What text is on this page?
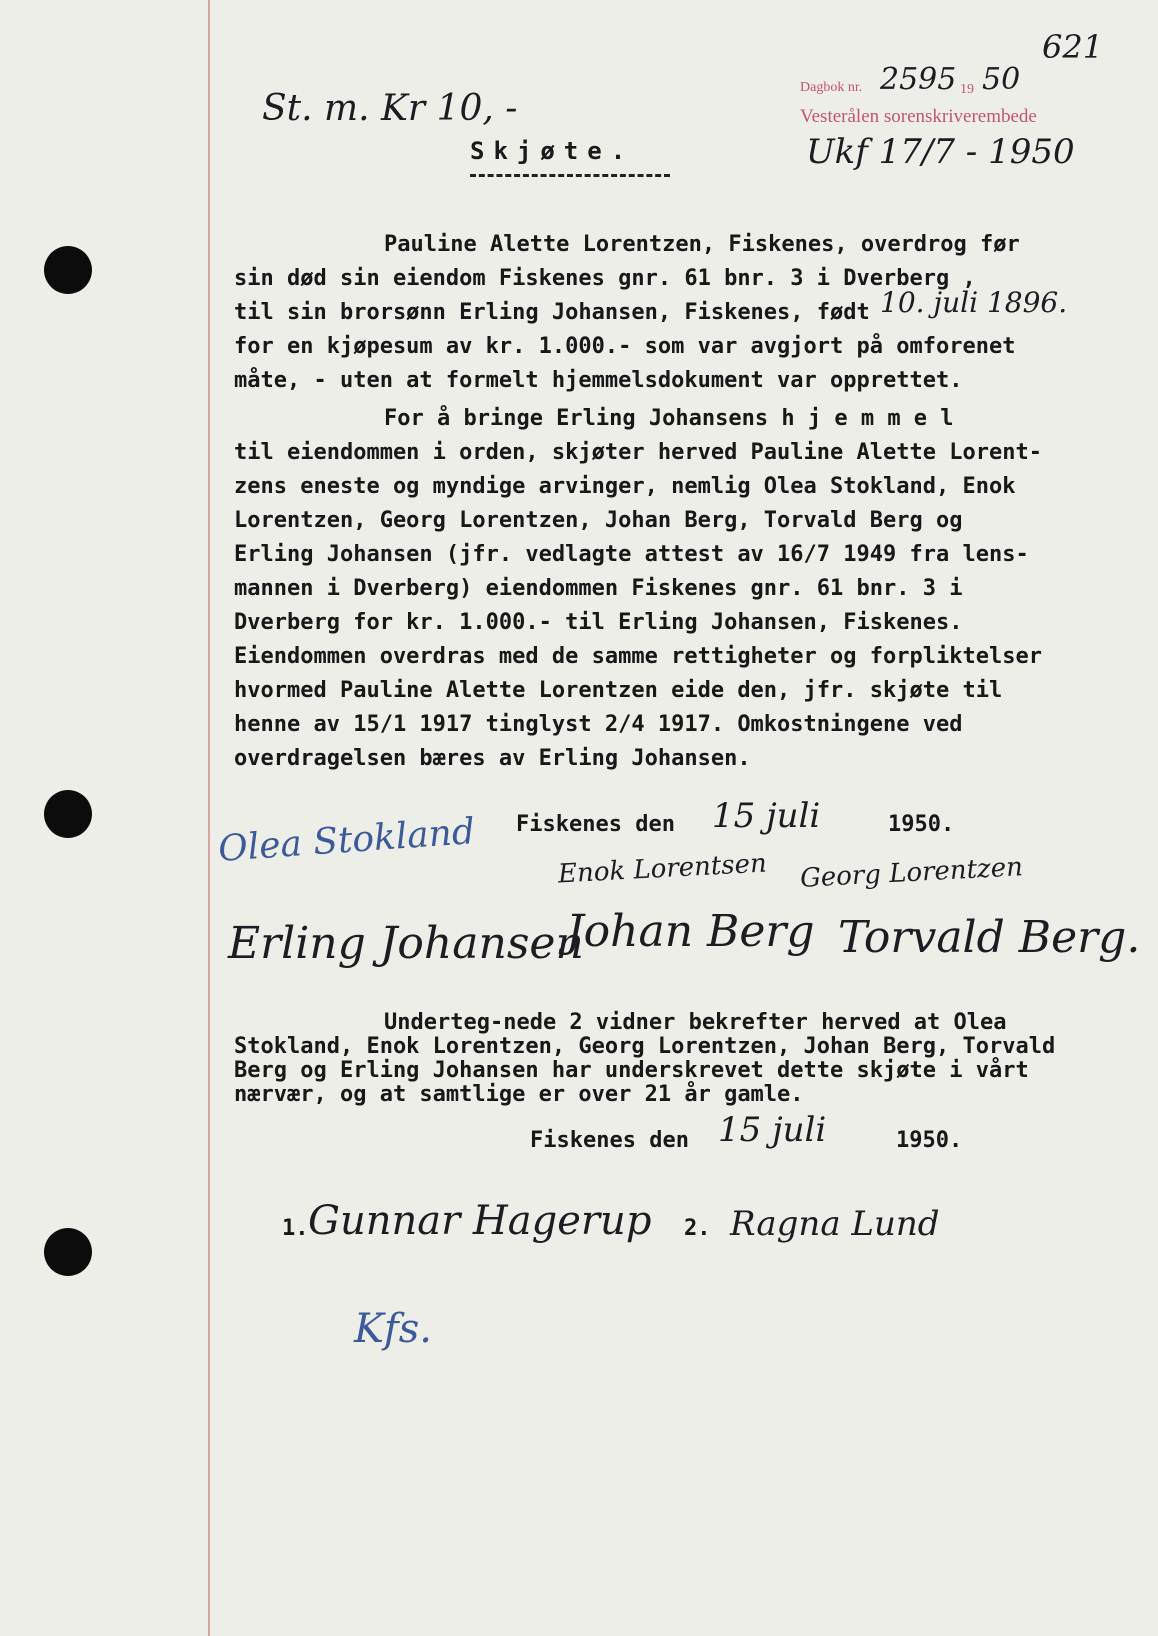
621
Dagbok nr. 2595 19 50
Vesterålen sorenskriverembede
Ukf 17/7 - 1950
St. m. Kr 10, -
Skjøte.
Pauline Alette Lorentzen, Fiskenes, overdrog før
sin død sin eiendom Fiskenes gnr. 61 bnr. 3 i Dverberg ,
til sin brorsønn Erling Johansen, Fiskenes, født 10. juli 1896.
for en kjøpesum av kr. 1.000.- som var avgjort på omforenet
måte, - uten at formelt hjemmelsdokument var opprettet.
For å bringe Erling Johansens h j e m m e l
til eiendommen i orden, skjøter herved Pauline Alette Lorent-
zens eneste og myndige arvinger, nemlig Olea Stokland, Enok
Lorentzen, Georg Lorentzen, Johan Berg, Torvald Berg og
Erling Johansen (jfr. vedlagte attest av 16/7 1949 fra lens-
mannen i Dverberg) eiendommen Fiskenes gnr. 61 bnr. 3 i
Dverberg for kr. 1.000.- til Erling Johansen, Fiskenes.
Eiendommen overdras med de samme rettigheter og forpliktelser
hvormed Pauline Alette Lorentzen eide den, jfr. skjøte til
henne av 15/1 1917 tinglyst 2/4 1917. Omkostningene ved
overdragelsen bæres av Erling Johansen.
Fiskenes den 15 juli	1950.
Olea Stokland	Enok Lorentsen Georg Lorentzen
Erling Johansen
Johan Berg Torvald Berg.
Underteg-nede 2 vidner bekrefter herved at Olea
Stokland, Enok Lorentzen, Georg Lorentzen, Johan Berg, Torvald
Berg og Erling Johansen har underskrevet dette skjøte i vårt
nærvær, og at samtlige er over 21 år gamle.
Fiskenes den 15 juli	1950.
1. Gunnar Hagerup 2. Ragna Lund
Kfs.
